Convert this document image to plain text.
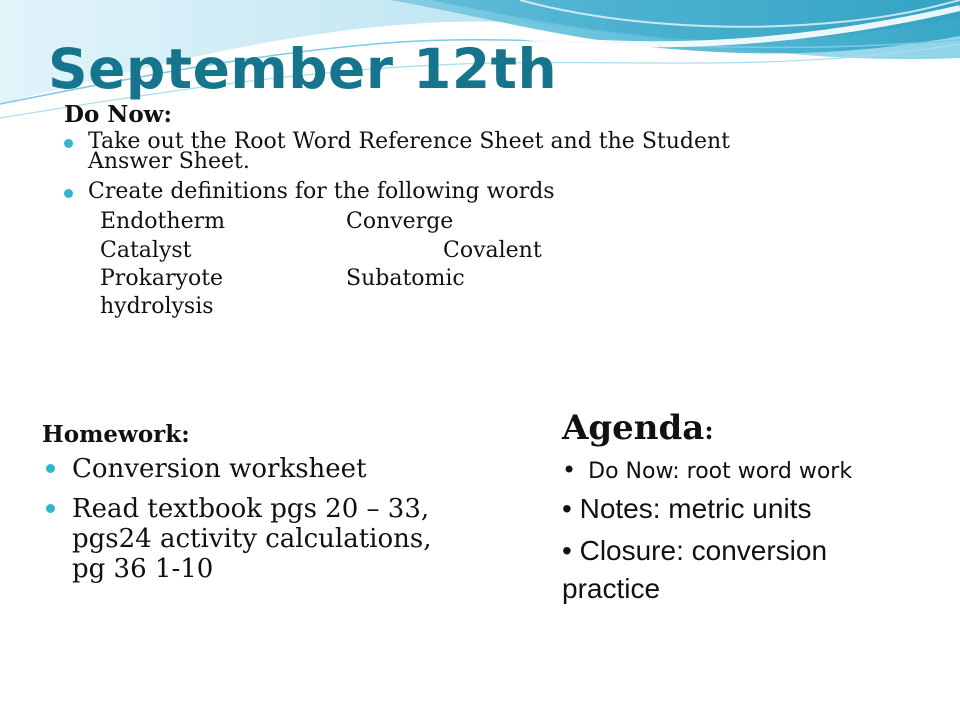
September 12th
Do Now:
Take out the Root Word Reference Sheet and the Student
Answer Sheet.
Create definitions for the following words
Endotherm	Converge
Catalyst	Covalent
Prokaryote	Subatomic
hydrolysis
Homework:
Conversion worksheet
Read textbook pgs 20 – 33,
pgs24 activity calculations,
pg 36 1-10
Agenda:
• Do Now: root word work
• Notes: metric units
• Closure: conversion practice
